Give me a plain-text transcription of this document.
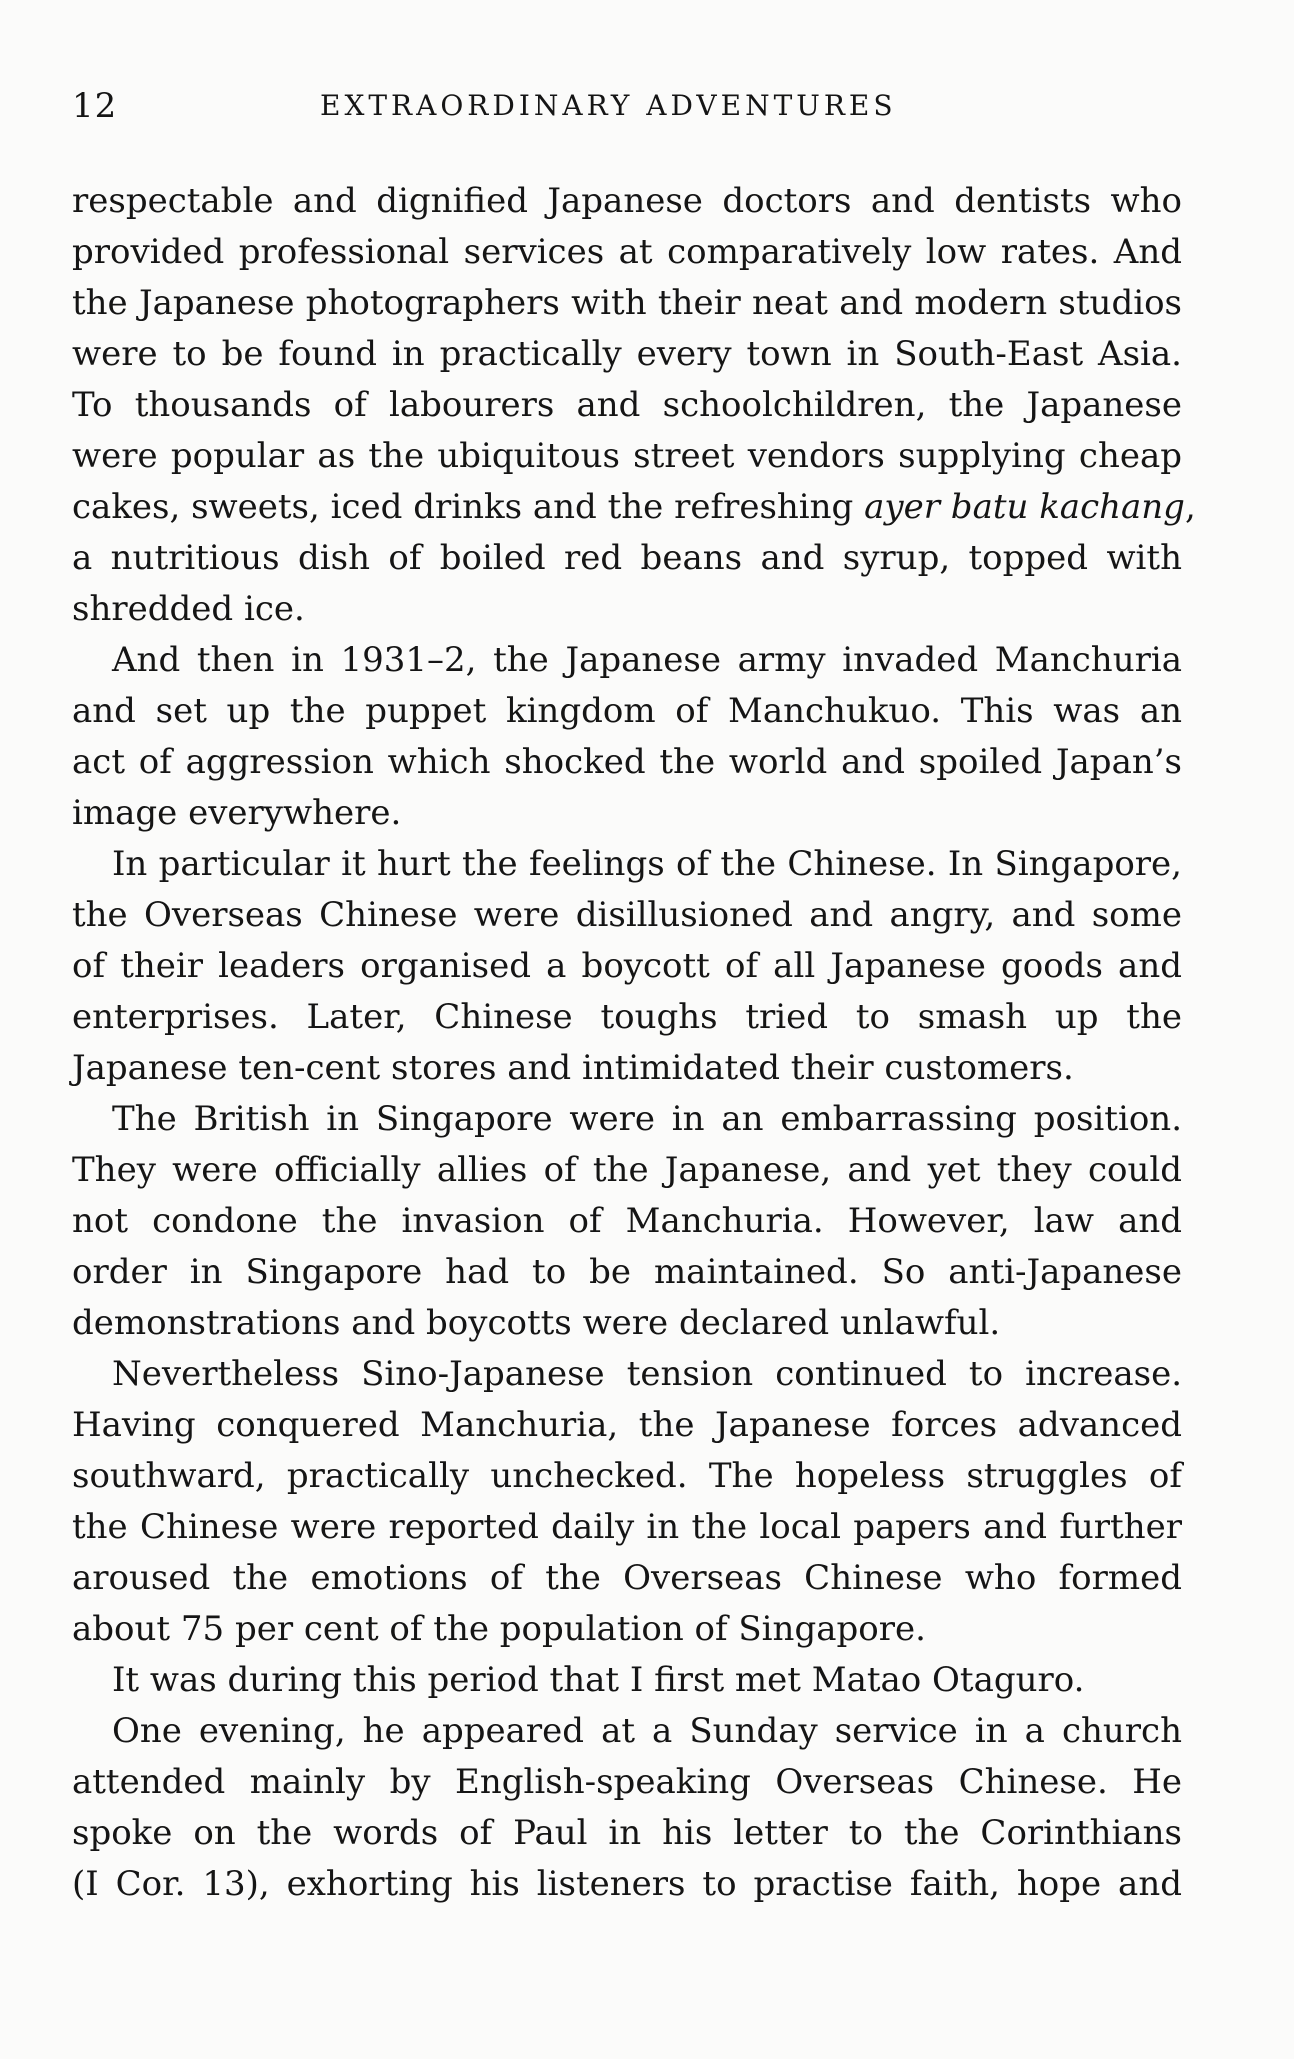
12	EXTRAORDINARY ADVENTURES
respectable and dignified Japanese doctors and dentists who
provided professional services at comparatively low rates. And
the Japanese photographers with their neat and modern studios
were to be found in practically every town in South-East Asia.
To thousands of labourers and schoolchildren, the Japanese
were popular as the ubiquitous street vendors supplying cheap
cakes, sweets, iced drinks and the refreshing ayer batu kachang,
a nutritious dish of boiled red beans and syrup, topped with
shredded ice.
And then in 1931–2, the Japanese army invaded Manchuria
and set up the puppet kingdom of Manchukuo. This was an
act of aggression which shocked the world and spoiled Japan’s
image everywhere.
In particular it hurt the feelings of the Chinese. In Singapore,
the Overseas Chinese were disillusioned and angry, and some
of their leaders organised a boycott of all Japanese goods and
enterprises. Later, Chinese toughs tried to smash up the
Japanese ten-cent stores and intimidated their customers.
The British in Singapore were in an embarrassing position.
They were officially allies of the Japanese, and yet they could
not condone the invasion of Manchuria. However, law and
order in Singapore had to be maintained. So anti-Japanese
demonstrations and boycotts were declared unlawful.
Nevertheless Sino-Japanese tension continued to increase.
Having conquered Manchuria, the Japanese forces advanced
southward, practically unchecked. The hopeless struggles of
the Chinese were reported daily in the local papers and further
aroused the emotions of the Overseas Chinese who formed
about 75 per cent of the population of Singapore.
It was during this period that I first met Matao Otaguro.
One evening, he appeared at a Sunday service in a church
attended mainly by English-speaking Overseas Chinese. He
spoke on the words of Paul in his letter to the Corinthians
(I Cor. 13), exhorting his listeners to practise faith, hope and
